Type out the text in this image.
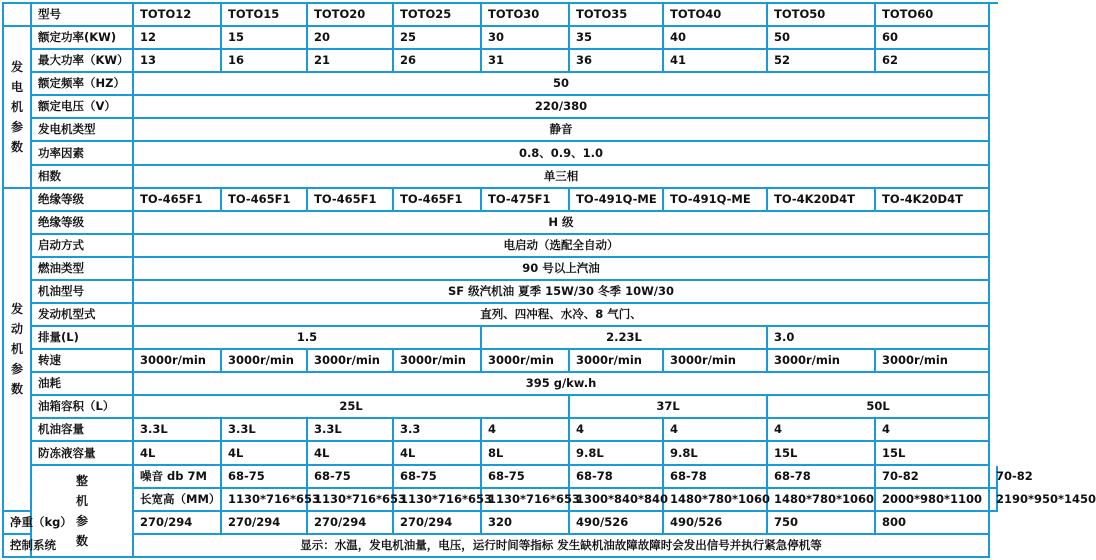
	型号	TOTO12	TOTO15	TOTO20	TOTO25	TOTO30	TOTO35	TOTO40	TOTO50	TOTO60	

发
电
机
参
数	额定功率(KW)	12	15	20	25	30	35	40	50	60	
	最大功率（KW）	13	16	21	26	31	36	41	52	62	
	额定频率（HZ）	50									
	额定电压（V）	220/380									
	发电机类型	静音									
	功率因素	0.8、0.9、1.0									
	相数	单三相									

发
动
机
参
数	绝缘等级	TO-465F1	TO-465F1	TO-465F1	TO-465F1	TO-475F1	TO-491Q-ME	TO-491Q-ME	TO-4K20D4T	TO-4K20D4T	
	绝缘等级	H 级									
	启动方式	电启动（选配全自动）									
	燃油类型	90 号以上汽油									
	机油型号	SF 级汽机油 夏季 15W/30 冬季 10W/30									
	发动机型式	直列、四冲程、水冷、8 气门、									
	排量(L)	1.5				2.23L			3.0		
	转速	3000r/min	3000r/min	3000r/min	3000r/min	3000r/min	3000r/min	3000r/min	3000r/min	3000r/min	
	油耗	395 g/kw.h									
	油箱容积（L）	25L					37L		50L		
	机油容量	3.3L	3.3L	3.3L	3.3	4	4	4	4	4	
	防冻液容量	4L	4L	4L	4L	8L	9.8L	9.8L	15L	15L	

	整
机
参
数	噪音 db 7M	68-75	68-75	68-75	68-75	68-78	68-78	68-78	70-82	70-82
		长宽高（MM）	1130*716*653	1130*716*653	1130*716*653	1130*716*653	1300*840*840	1480*780*1060	1480*780*1060	2000*980*1100	2190*950*1450
净重（kg）		270/294	270/294	270/294	270/294	320	490/526	490/526	750	800	
控制系统		显示：水温，发电机油量，电压，运行时间等指标 发生缺机油故障故障时会发出信号并执行紧急停机等									
